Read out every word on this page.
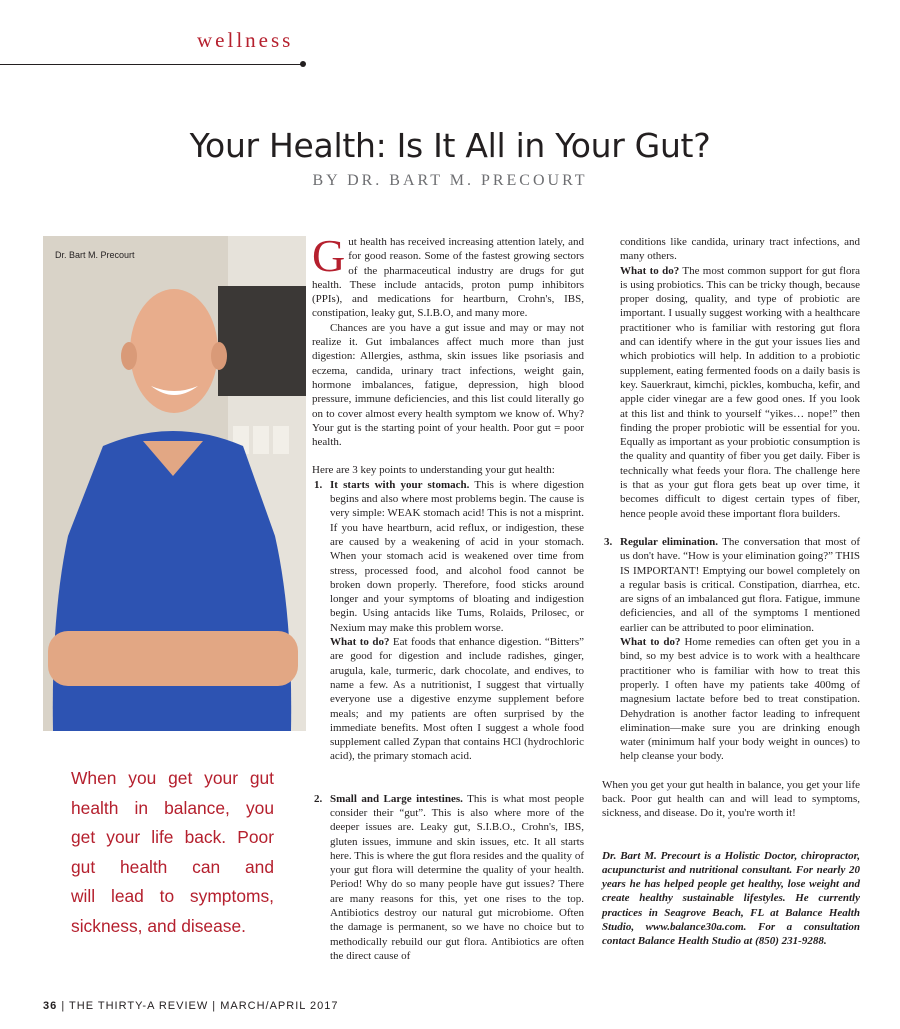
wellness
Your Health: Is It All in Your Gut?
BY DR. BART M. PRECOURT
Dr. Bart M. Precourt
When you get your gut
health in balance, you
get your life back. Poor
gut health can and
will lead to symptoms,
sickness, and disease.

Gut health has received increasing attention lately, and for good reason. Some of the fastest growing sectors of the pharmaceutical industry are drugs for gut health. These include antacids, proton pump inhibitors (PPIs), and medications for heartburn, Crohn's, IBS, constipation, leaky gut, S.I.B.O, and many more.

Chances are you have a gut issue and may or may not realize it. Gut imbalances affect much more than just digestion: Allergies, asthma, skin issues like psoriasis and eczema, candida, urinary tract infections, weight gain, hormone imbalances, fatigue, depression, high blood pressure, immune deficiencies, and this list could literally go on to cover almost every health symptom we know of. Why? Your gut is the starting point of your health. Poor gut = poor health.

Here are 3 key points to understanding your gut health:

1. It starts with your stomach. This is where digestion begins and also where most problems begin. The cause is very simple: WEAK stomach acid! This is not a misprint. If you have heartburn, acid reflux, or indigestion, these are caused by a weakening of acid in your stomach. When your stomach acid is weakened over time from stress, processed food, and alcohol food cannot be broken down properly. Therefore, food sticks around longer and your symptoms of bloating and indigestion begin. Using antacids like Tums, Rolaids, Prilosec, or Nexium may make this problem worse.

What to do? Eat foods that enhance digestion. “Bitters” are good for digestion and include radishes, ginger, arugula, kale, turmeric, dark chocolate, and endives, to name a few. As a nutritionist, I suggest that virtually everyone use a digestive enzyme supplement before meals; and my patients are often surprised by the immediate benefits. Most often I suggest a whole food supplement called Zypan that contains HCl (hydrochloric acid), the primary stomach acid.

2. Small and Large intestines. This is what most people consider their “gut”. This is also where more of the deeper issues are. Leaky gut, S.I.B.O., Crohn's, IBS, gluten issues, immune and skin issues, etc. It all starts here. This is where the gut flora resides and the quality of your gut flora will determine the quality of your health. Period! Why do so many people have gut issues? There are many reasons for this, yet one rises to the top. Antibiotics destroy our natural gut microbiome. Often the damage is permanent, so we have no choice but to methodically rebuild our gut flora. Antibiotics are often the direct cause of

conditions like candida, urinary tract infections, and many others.

What to do? The most common support for gut flora is using probiotics. This can be tricky though, because proper dosing, quality, and type of probiotic are important. I usually suggest working with a healthcare practitioner who is familiar with restoring gut flora and can identify where in the gut your issues lies and which probiotics will help. In addition to a probiotic supplement, eating fermented foods on a daily basis is key. Sauerkraut, kimchi, pickles, kombucha, kefir, and apple cider vinegar are a few good ones. If you look at this list and think to yourself “yikes… nope!” then finding the proper probiotic will be essential for you. Equally as important as your probiotic consumption is the quality and quantity of fiber you get daily. Fiber is technically what feeds your flora. The challenge here is that as your gut flora gets beat up over time, it becomes difficult to digest certain types of fiber, hence people avoid these important flora builders.

3. Regular elimination. The conversation that most of us don't have. “How is your elimination going?” THIS IS IMPORTANT! Emptying our bowel completely on a regular basis is critical. Constipation, diarrhea, etc. are signs of an imbalanced gut flora. Fatigue, immune deficiencies, and all of the symptoms I mentioned earlier can be attributed to poor elimination.

What to do? Home remedies can often get you in a bind, so my best advice is to work with a healthcare practitioner who is familiar with how to treat this properly. I often have my patients take 400mg of magnesium lactate before bed to treat constipation. Dehydration is another factor leading to infrequent elimination—make sure you are drinking enough water (minimum half your body weight in ounces) to help cleanse your body.

When you get your gut health in balance, you get your life back. Poor gut health can and will lead to symptoms, sickness, and disease. Do it, you're worth it!

Dr. Bart M. Precourt is a Holistic Doctor, chiropractor, acupuncturist and nutritional consultant. For nearly 20 years he has helped people get healthy, lose weight and create healthy sustainable lifestyles. He currently practices in Seagrove Beach, FL at Balance Health Studio, www.balance30a.com. For a consultation contact Balance Health Studio at (850) 231-9288.

36 | THE THIRTY-A REVIEW | MARCH/APRIL 2017
